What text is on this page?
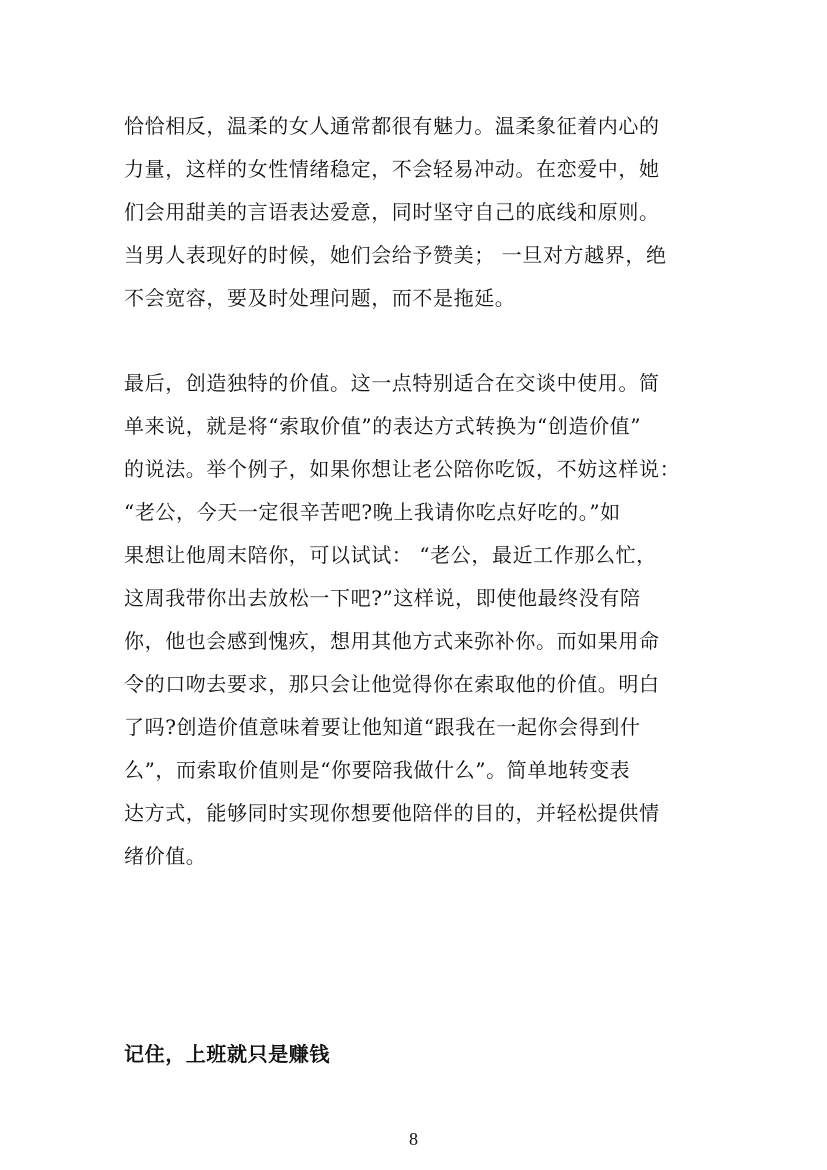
恰恰相反，温柔的女人通常都很有魅力。温柔象征着内心的
力量，这样的女性情绪稳定，不会轻易冲动。在恋爱中，她
们会用甜美的言语表达爱意，同时坚守自己的底线和原则。
当男人表现好的时候，她们会给予赞美； 一旦对方越界，绝
不会宽容，要及时处理问题，而不是拖延。
最后，创造独特的价值。这一点特别适合在交谈中使用。简
单来说，就是将“索取价值”的表达方式转换为“创造价值”
的说法。举个例子，如果你想让老公陪你吃饭，不妨这样说：
“老公，今天一定很辛苦吧?晚上我请你吃点好吃的。”如
果想让他周末陪你，可以试试： “老公，最近工作那么忙，
这周我带你出去放松一下吧?”这样说，即使他最终没有陪
你，他也会感到愧疚，想用其他方式来弥补你。而如果用命
令的口吻去要求，那只会让他觉得你在索取他的价值。明白
了吗?创造价值意味着要让他知道“跟我在一起你会得到什
么”，而索取价值则是“你要陪我做什么”。简单地转变表
达方式，能够同时实现你想要他陪伴的目的，并轻松提供情
绪价值。
记住，上班就只是赚钱
8
